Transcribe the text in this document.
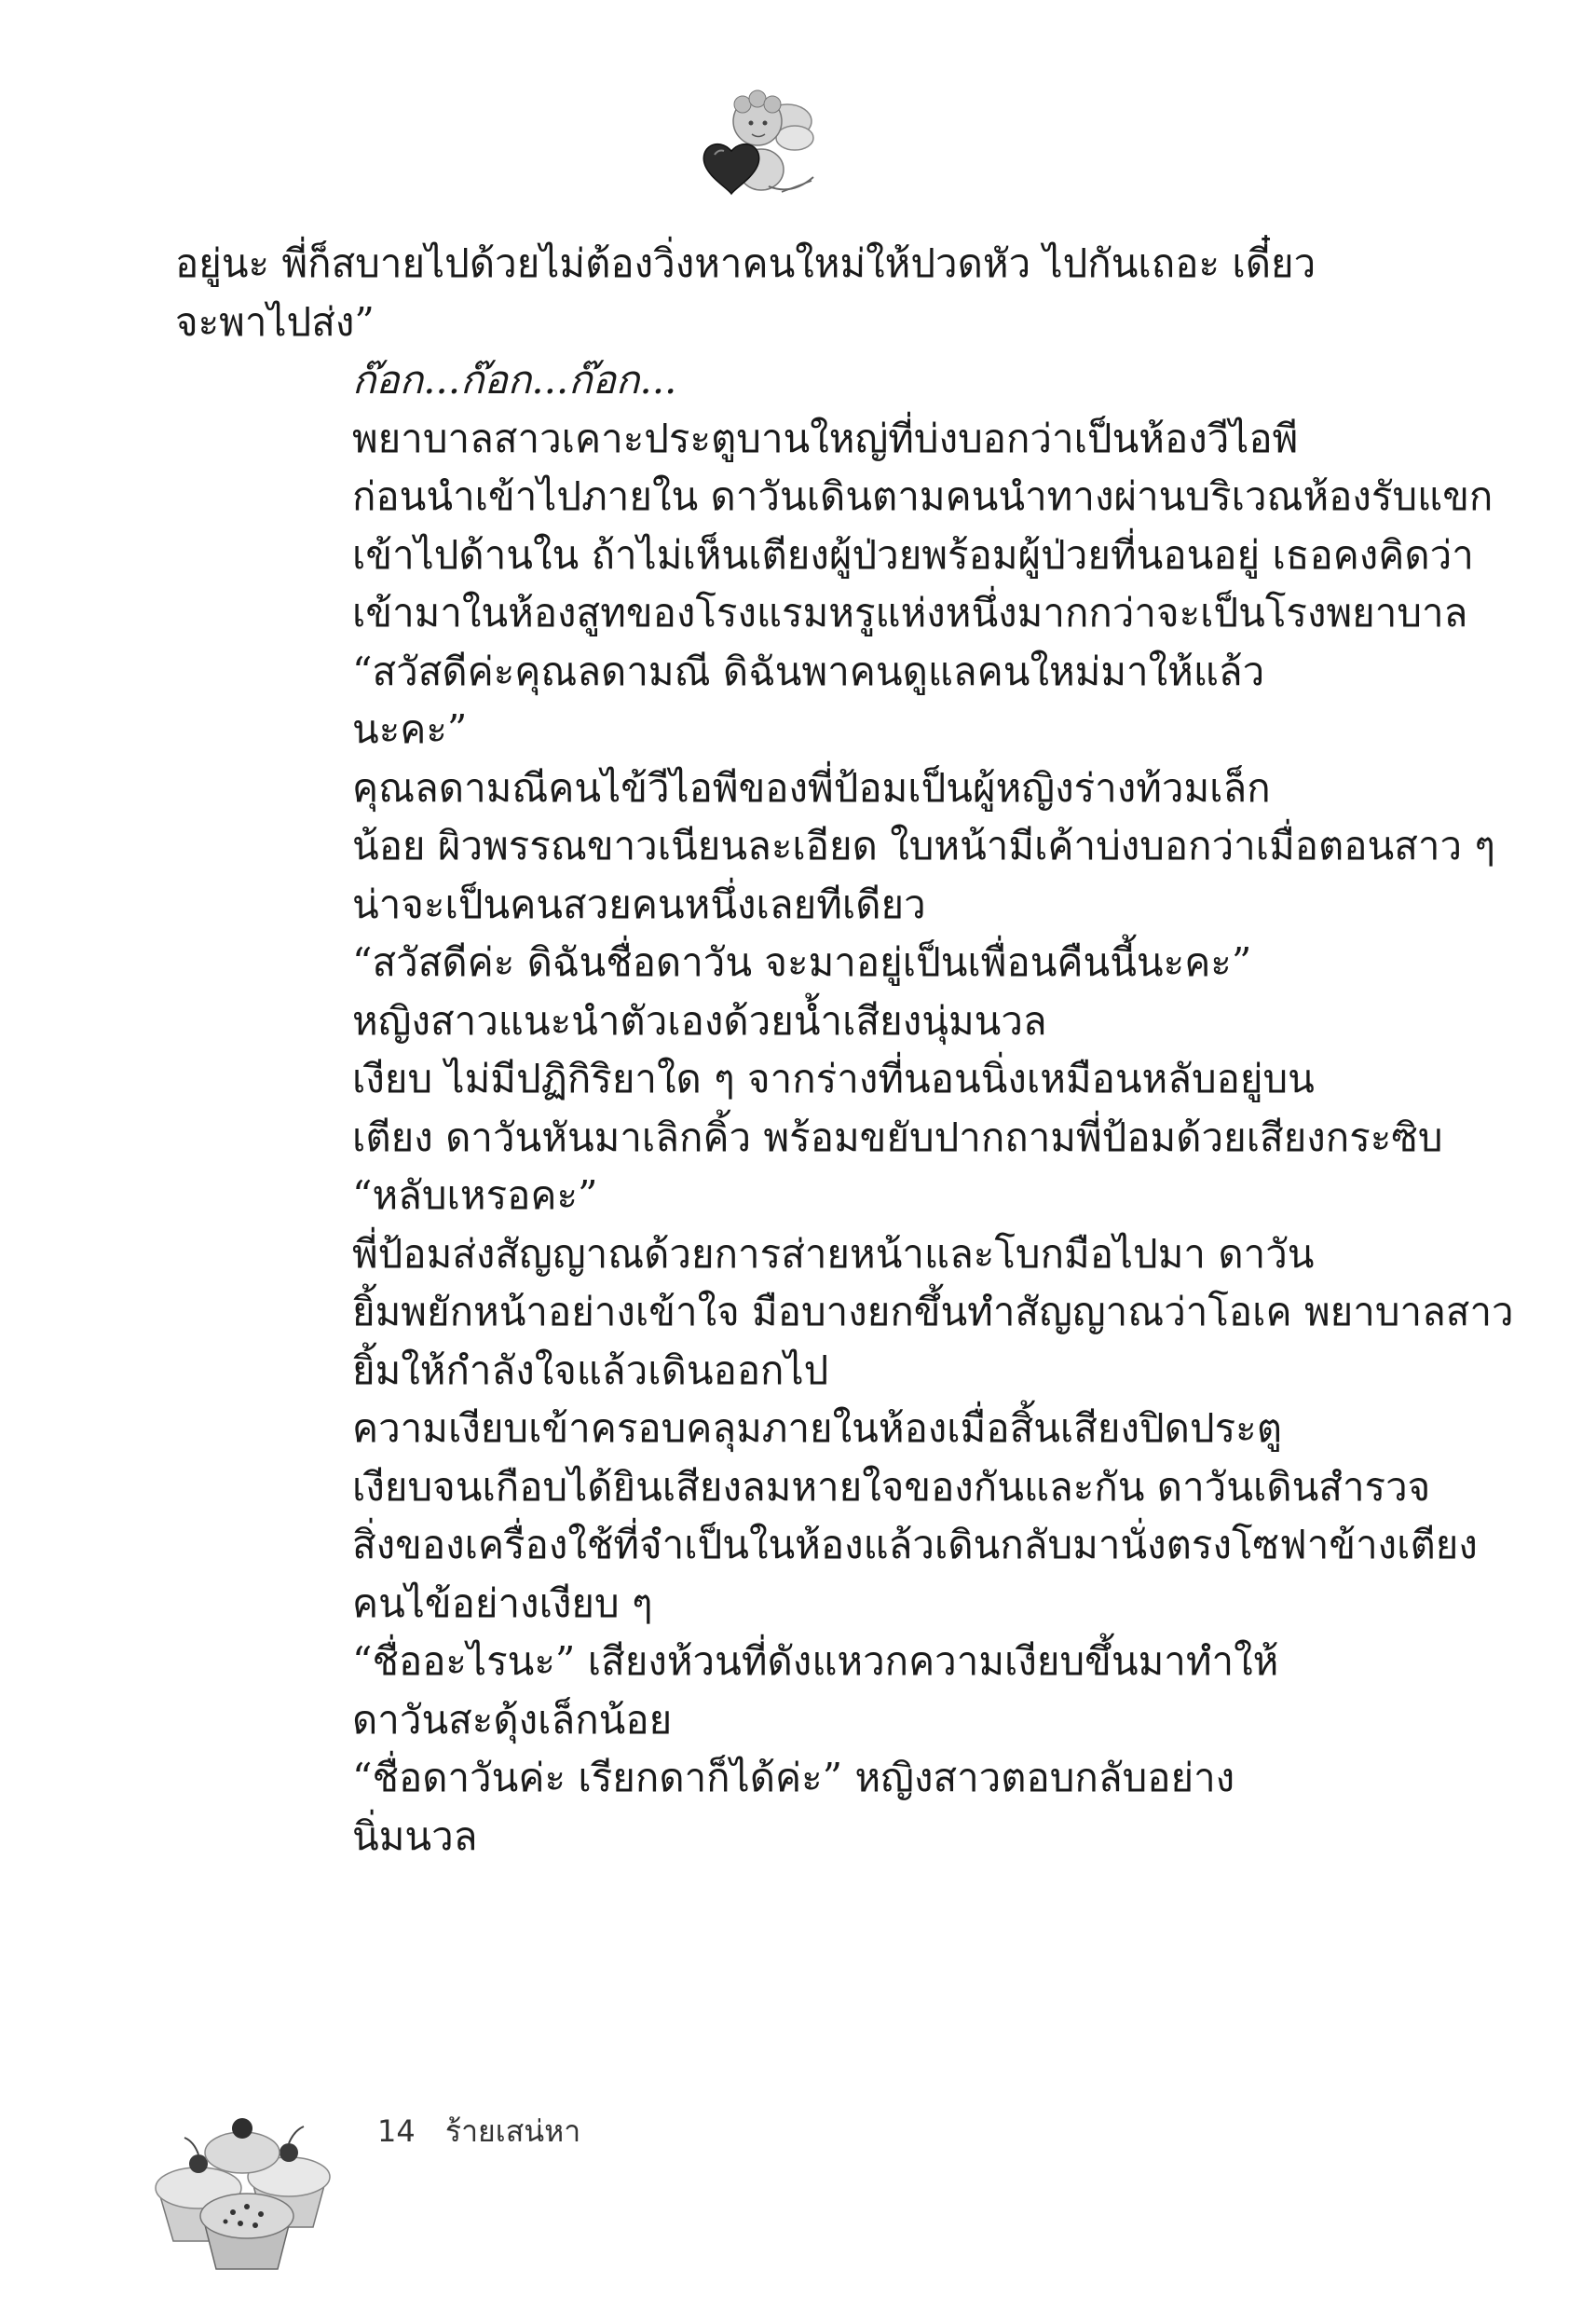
อยู่นะ พี่ก็สบายไปด้วยไม่ต้องวิ่งหาคนใหม่ให้ปวดหัว ไปกันเถอะ เดี๋ยว
จะพาไปส่ง”

ก๊อก...ก๊อก...ก๊อก...

พยาบาลสาวเคาะประตูบานใหญ่ที่บ่งบอกว่าเป็นห้องวีไอพี
ก่อนนำเข้าไปภายใน ดาวันเดินตามคนนำทางผ่านบริเวณห้องรับแขก
เข้าไปด้านใน ถ้าไม่เห็นเตียงผู้ป่วยพร้อมผู้ป่วยที่นอนอยู่ เธอคงคิดว่า
เข้ามาในห้องสูทของโรงแรมหรูแห่งหนึ่งมากกว่าจะเป็นโรงพยาบาล

“สวัสดีค่ะคุณลดามณี ดิฉันพาคนดูแลคนใหม่มาให้แล้ว
นะคะ”

คุณลดามณีคนไข้วีไอพีของพี่ป้อมเป็นผู้หญิงร่างท้วมเล็ก
น้อย ผิวพรรณขาวเนียนละเอียด ใบหน้ามีเค้าบ่งบอกว่าเมื่อตอนสาว ๆ
น่าจะเป็นคนสวยคนหนึ่งเลยทีเดียว

“สวัสดีค่ะ ดิฉันชื่อดาวัน จะมาอยู่เป็นเพื่อนคืนนี้นะคะ”

หญิงสาวแนะนำตัวเองด้วยน้ำเสียงนุ่มนวล

เงียบ ไม่มีปฏิกิริยาใด ๆ จากร่างที่นอนนิ่งเหมือนหลับอยู่บน
เตียง ดาวันหันมาเลิกคิ้ว พร้อมขยับปากถามพี่ป้อมด้วยเสียงกระซิบ

“หลับเหรอคะ”

พี่ป้อมส่งสัญญาณด้วยการส่ายหน้าและโบกมือไปมา ดาวัน
ยิ้มพยักหน้าอย่างเข้าใจ มือบางยกขึ้นทำสัญญาณว่าโอเค พยาบาลสาว
ยิ้มให้กำลังใจแล้วเดินออกไป

ความเงียบเข้าครอบคลุมภายในห้องเมื่อสิ้นเสียงปิดประตู
เงียบจนเกือบได้ยินเสียงลมหายใจของกันและกัน ดาวันเดินสำรวจ
สิ่งของเครื่องใช้ที่จำเป็นในห้องแล้วเดินกลับมานั่งตรงโซฟาข้างเตียง
คนไข้อย่างเงียบ ๆ

“ชื่ออะไรนะ” เสียงห้วนที่ดังแหวกความเงียบขึ้นมาทำให้
ดาวันสะดุ้งเล็กน้อย

“ชื่อดาวันค่ะ เรียกดาก็ได้ค่ะ” หญิงสาวตอบกลับอย่าง
นิ่มนวล

14 ร้ายเสน่หา
